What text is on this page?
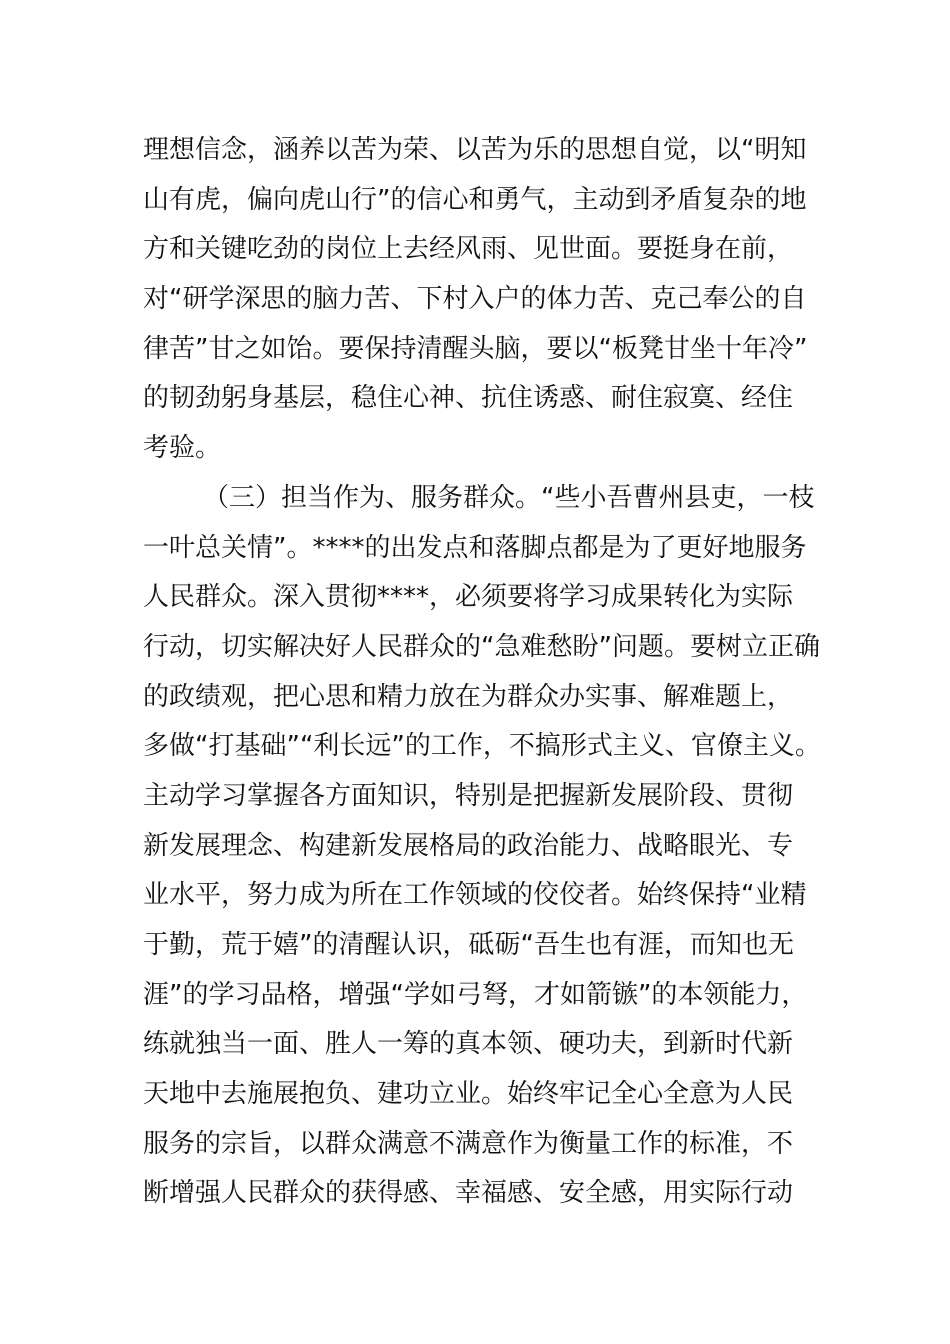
理想信念，涵养以苦为荣、以苦为乐的思想自觉，以“明知
山有虎，偏向虎山行”的信心和勇气，主动到矛盾复杂的地
方和关键吃劲的岗位上去经风雨、见世面。要挺身在前，
对“研学深思的脑力苦、下村入户的体力苦、克己奉公的自
律苦”甘之如饴。要保持清醒头脑，要以“板凳甘坐十年冷”
的韧劲躬身基层，稳住心神、抗住诱惑、耐住寂寞、经住
考验。
（三）担当作为、服务群众。“些小吾曹州县吏，一枝
一叶总关情”。****的出发点和落脚点都是为了更好地服务
人民群众。深入贯彻****，必须要将学习成果转化为实际
行动，切实解决好人民群众的“急难愁盼”问题。要树立正确
的政绩观，把心思和精力放在为群众办实事、解难题上，
多做“打基础”“利长远”的工作，不搞形式主义、官僚主义。
主动学习掌握各方面知识，特别是把握新发展阶段、贯彻
新发展理念、构建新发展格局的政治能力、战略眼光、专
业水平，努力成为所在工作领域的佼佼者。始终保持“业精
于勤，荒于嬉”的清醒认识，砥砺“吾生也有涯，而知也无
涯”的学习品格，增强“学如弓弩，才如箭镞”的本领能力，
练就独当一面、胜人一筹的真本领、硬功夫，到新时代新
天地中去施展抱负、建功立业。始终牢记全心全意为人民
服务的宗旨，以群众满意不满意作为衡量工作的标准，不
断增强人民群众的获得感、幸福感、安全感，用实际行动
